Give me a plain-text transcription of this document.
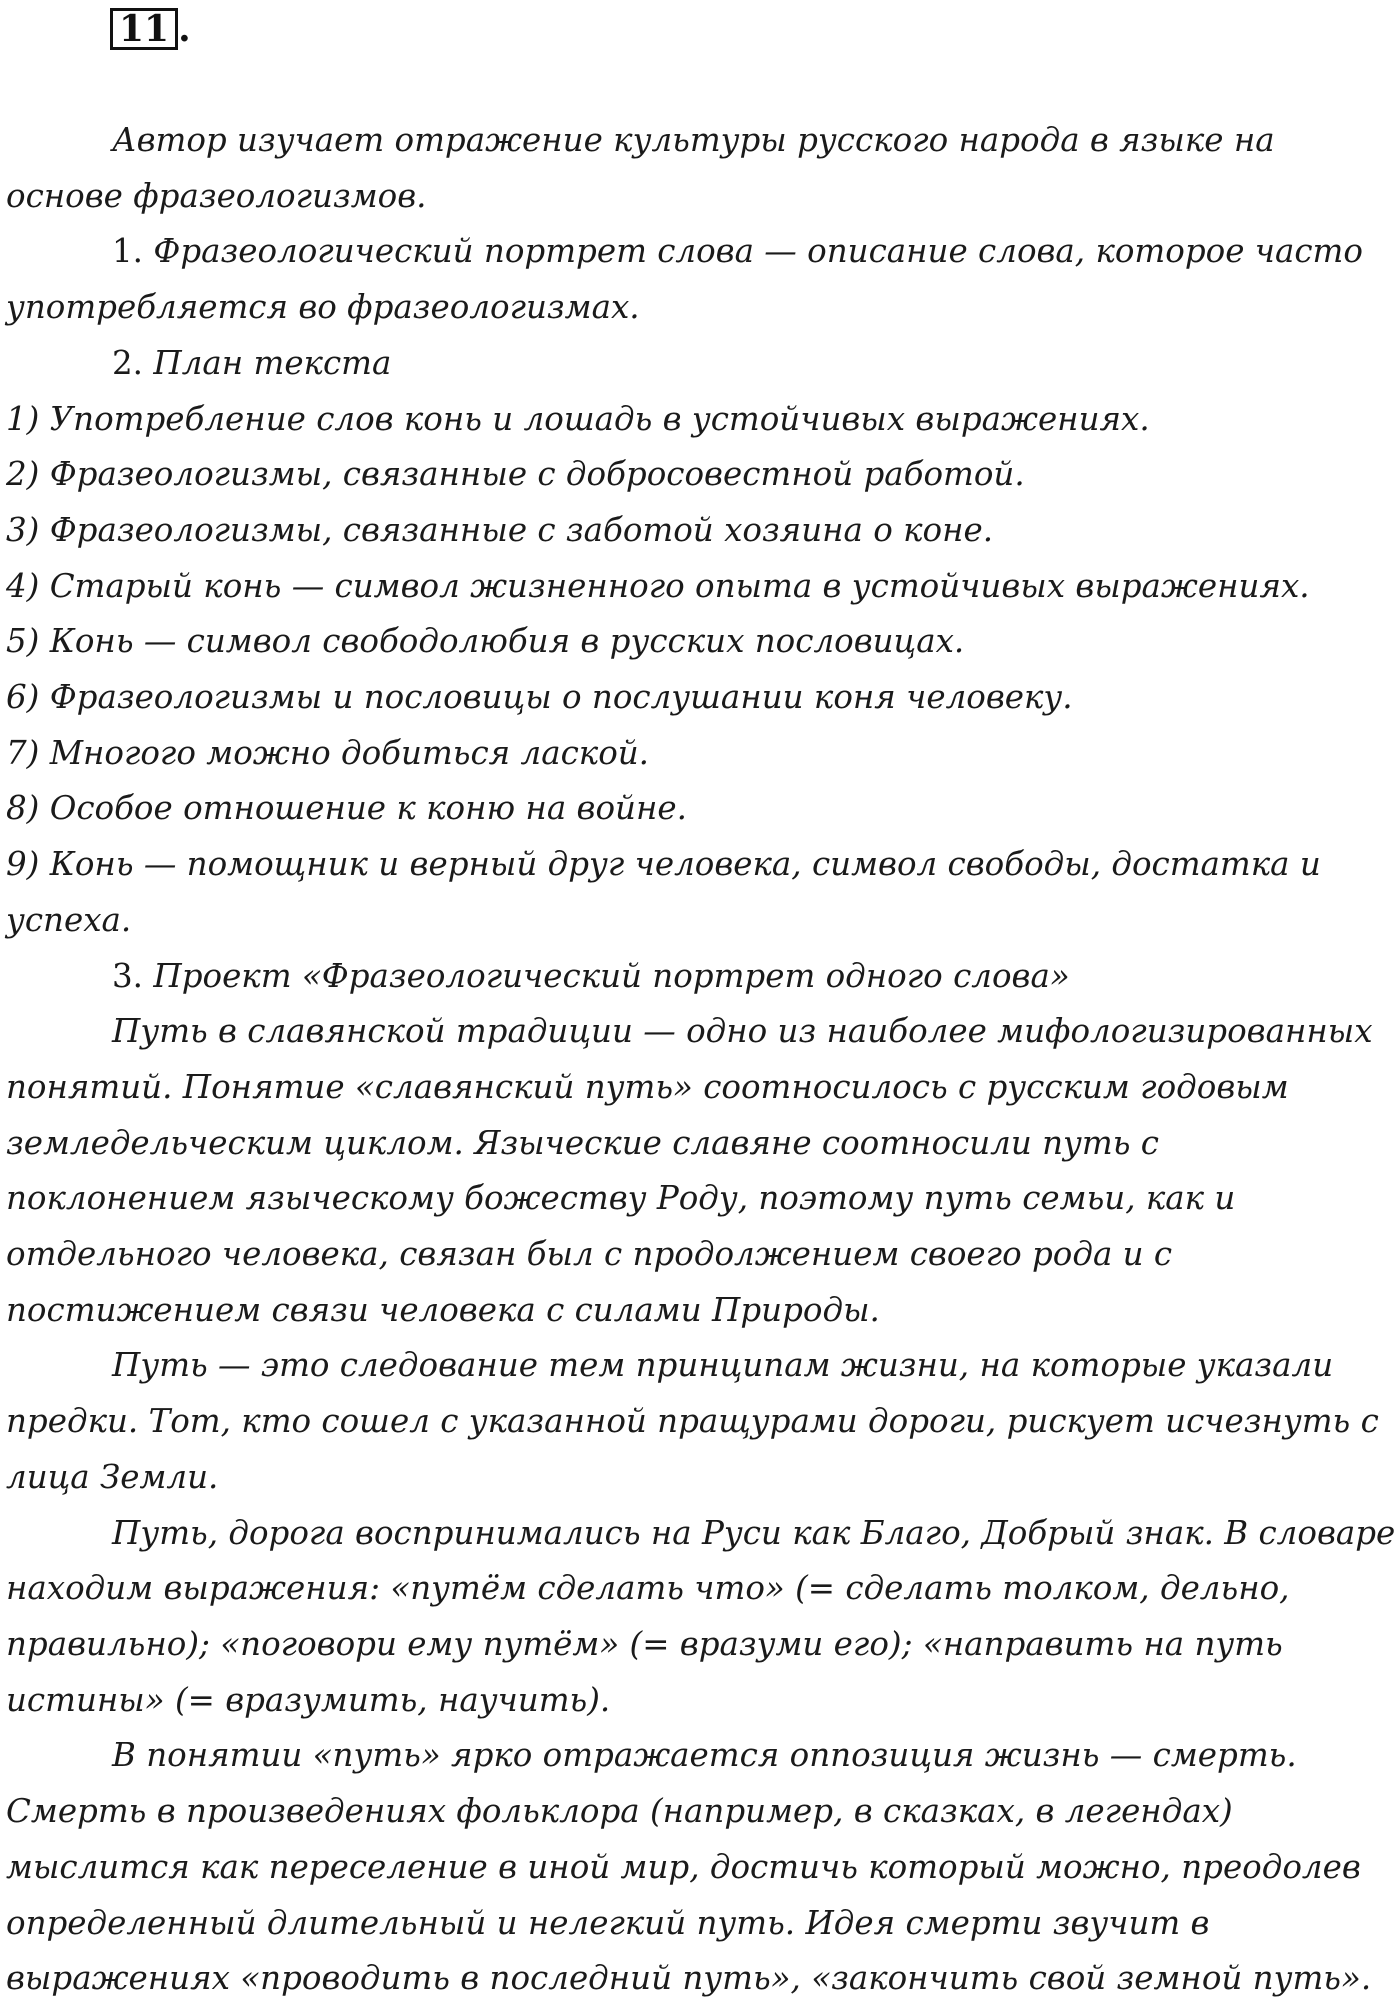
11 .

Автор изучает отражение культуры русского народа в языке на основе фразеологизмов.

1. Фразеологический портрет слова — описание слова, которое часто употребляется во фразеологизмах.

2. План текста

1) Употребление слов конь и лошадь в устойчивых выражениях.

2) Фразеологизмы, связанные с добросовестной работой.

3) Фразеологизмы, связанные с заботой хозяина о коне.

4) Старый конь — символ жизненного опыта в устойчивых выражениях.

5) Конь — символ свободолюбия в русских пословицах.

6) Фразеологизмы и пословицы о послушании коня человеку.

7) Многого можно добиться лаской.

8) Особое отношение к коню на войне.

9) Конь — помощник и верный друг человека, символ свободы, достатка и успеха.

3. Проект «Фразеологический портрет одного слова»

Путь в славянской традиции — одно из наиболее мифологизированных понятий. Понятие «славянский путь» соотносилось с русским годовым земледельческим циклом. Языческие славяне соотносили путь с поклонением языческому божеству Роду, поэтому путь семьи, как и отдельного человека, связан был с продолжением своего рода и с постижением связи человека с силами Природы.

Путь — это следование тем принципам жизни, на которые указали предки. Тот, кто сошел с указанной пращурами дороги, рискует исчезнуть с лица Земли.

Путь, дорога воспринимались на Руси как Благо, Добрый знак. В словаре находим выражения: «путём сделать что» (= сделать толком, дельно, правильно); «поговори ему путём» (= вразуми его); «направить на путь истины» (= вразумить, научить).

В понятии «путь» ярко отражается оппозиция жизнь — смерть. Смерть в произведениях фольклора (например, в сказках, в легендах) мыслится как переселение в иной мир, достичь который можно, преодолев определенный длительный и нелегкий путь. Идея смерти звучит в выражениях «проводить в последний путь», «закончить свой земной путь».
